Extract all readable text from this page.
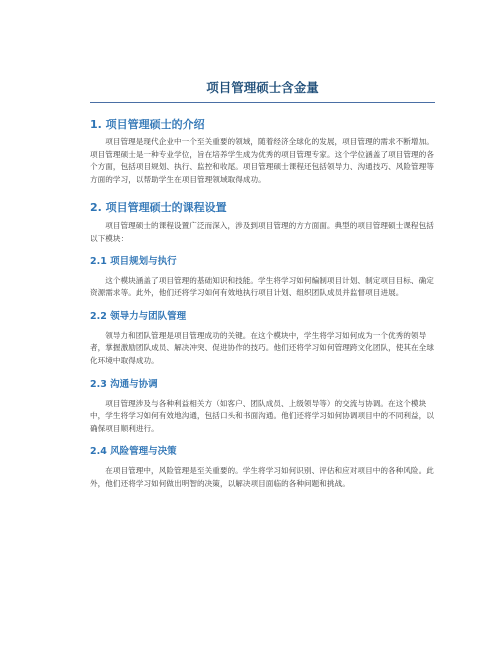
项目管理硕士含金量
1. 项目管理硕士的介绍

项目管理是现代企业中一个至关重要的领域，随着经济全球化的发展，项目管理的需求不断增加。项目管理硕士是一种专业学位，旨在培养学生成为优秀的项目管理专家。这个学位涵盖了项目管理的各个方面，包括项目规划、执行、监控和收尾。项目管理硕士课程还包括领导力、沟通技巧、风险管理等方面的学习，以帮助学生在项目管理领域取得成功。

2. 项目管理硕士的课程设置

项目管理硕士的课程设置广泛而深入，涉及到项目管理的方方面面。典型的项目管理硕士课程包括以下模块：

2.1 项目规划与执行

这个模块涵盖了项目管理的基础知识和技能。学生将学习如何编制项目计划、制定项目目标、确定资源需求等。此外，他们还将学习如何有效地执行项目计划、组织团队成员并监督项目进展。

2.2 领导力与团队管理

领导力和团队管理是项目管理成功的关键。在这个模块中，学生将学习如何成为一个优秀的领导者，掌握激励团队成员、解决冲突、促进协作的技巧。他们还将学习如何管理跨文化团队，使其在全球化环境中取得成功。

2.3 沟通与协调

项目管理涉及与各种利益相关方（如客户、团队成员、上级领导等）的交流与协调。在这个模块中，学生将学习如何有效地沟通，包括口头和书面沟通。他们还将学习如何协调项目中的不同利益，以确保项目顺利进行。

2.4 风险管理与决策

在项目管理中，风险管理是至关重要的。学生将学习如何识别、评估和应对项目中的各种风险。此外，他们还将学习如何做出明智的决策，以解决项目面临的各种问题和挑战。
